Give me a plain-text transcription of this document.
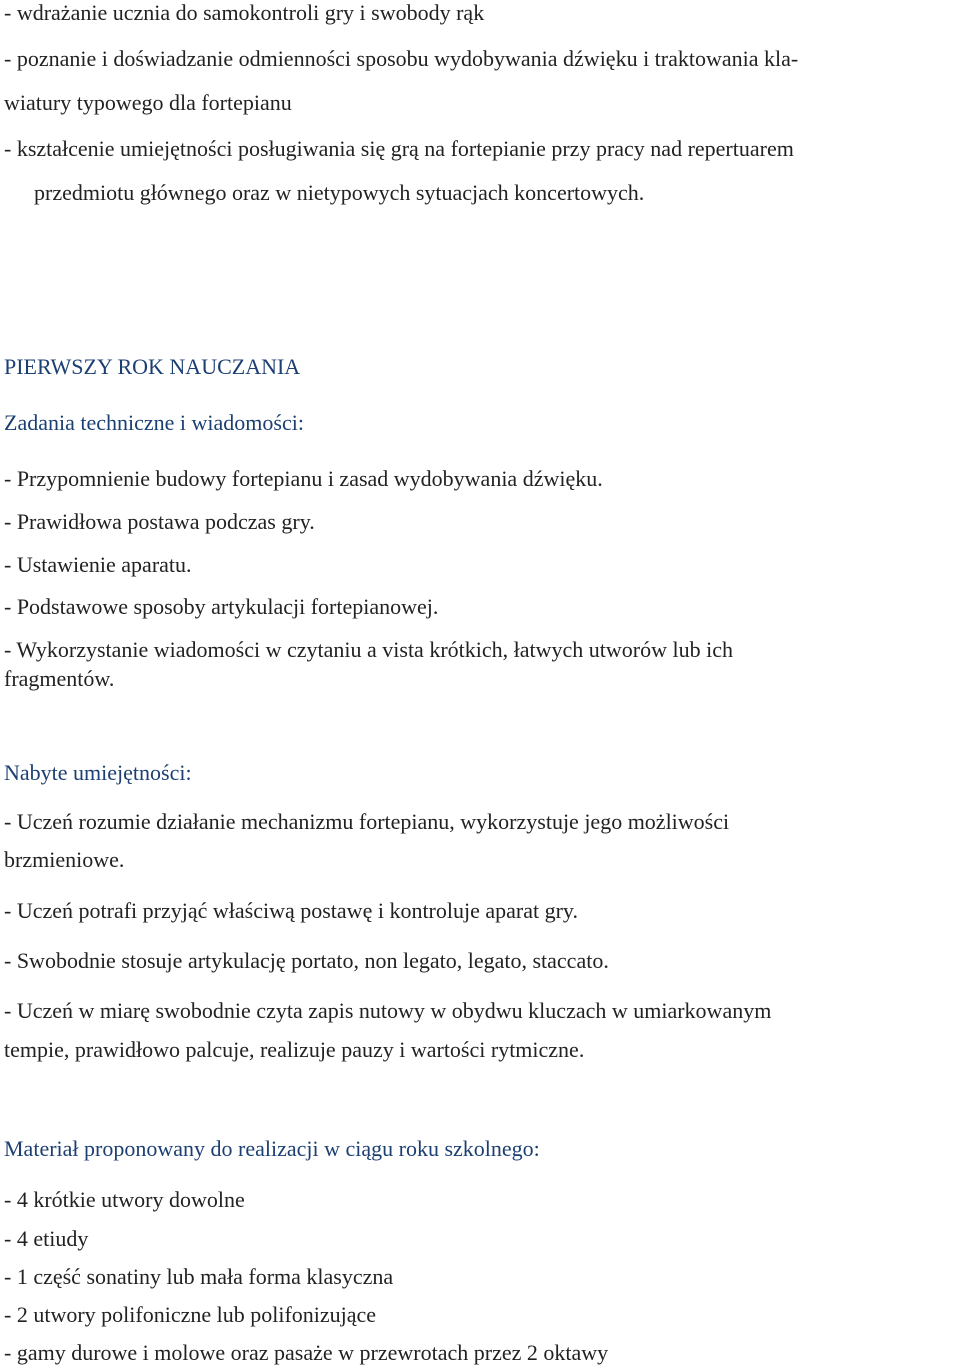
- wdrażanie ucznia do samokontroli gry i swobody rąk
- poznanie i doświadzanie odmienności sposobu wydobywania dźwięku i traktowania kla-
wiatury typowego dla fortepianu
- kształcenie umiejętności posługiwania się grą na fortepianie przy pracy nad repertuarem
przedmiotu głównego oraz w nietypowych sytuacjach koncertowych.
PIERWSZY ROK NAUCZANIA
Zadania techniczne i wiadomości:
- Przypomnienie budowy fortepianu i zasad wydobywania dźwięku.
- Prawidłowa postawa podczas gry.
- Ustawienie aparatu.
- Podstawowe sposoby artykulacji fortepianowej.
- Wykorzystanie wiadomości w czytaniu a vista krótkich, łatwych utworów lub ich
fragmentów.
Nabyte umiejętności:
- Uczeń rozumie działanie mechanizmu fortepianu, wykorzystuje jego możliwości
brzmieniowe.
- Uczeń potrafi przyjąć właściwą postawę i kontroluje aparat gry.
- Swobodnie stosuje artykulację portato, non legato, legato, staccato.
- Uczeń w miarę swobodnie czyta zapis nutowy w obydwu kluczach w umiarkowanym
tempie, prawidłowo palcuje, realizuje pauzy i wartości rytmiczne.
Materiał proponowany do realizacji w ciągu roku szkolnego:
- 4 krótkie utwory dowolne
- 4 etiudy
- 1 część sonatiny lub mała forma klasyczna
- 2 utwory polifoniczne lub polifonizujące
- gamy durowe i molowe oraz pasaże w przewrotach przez 2 oktawy
